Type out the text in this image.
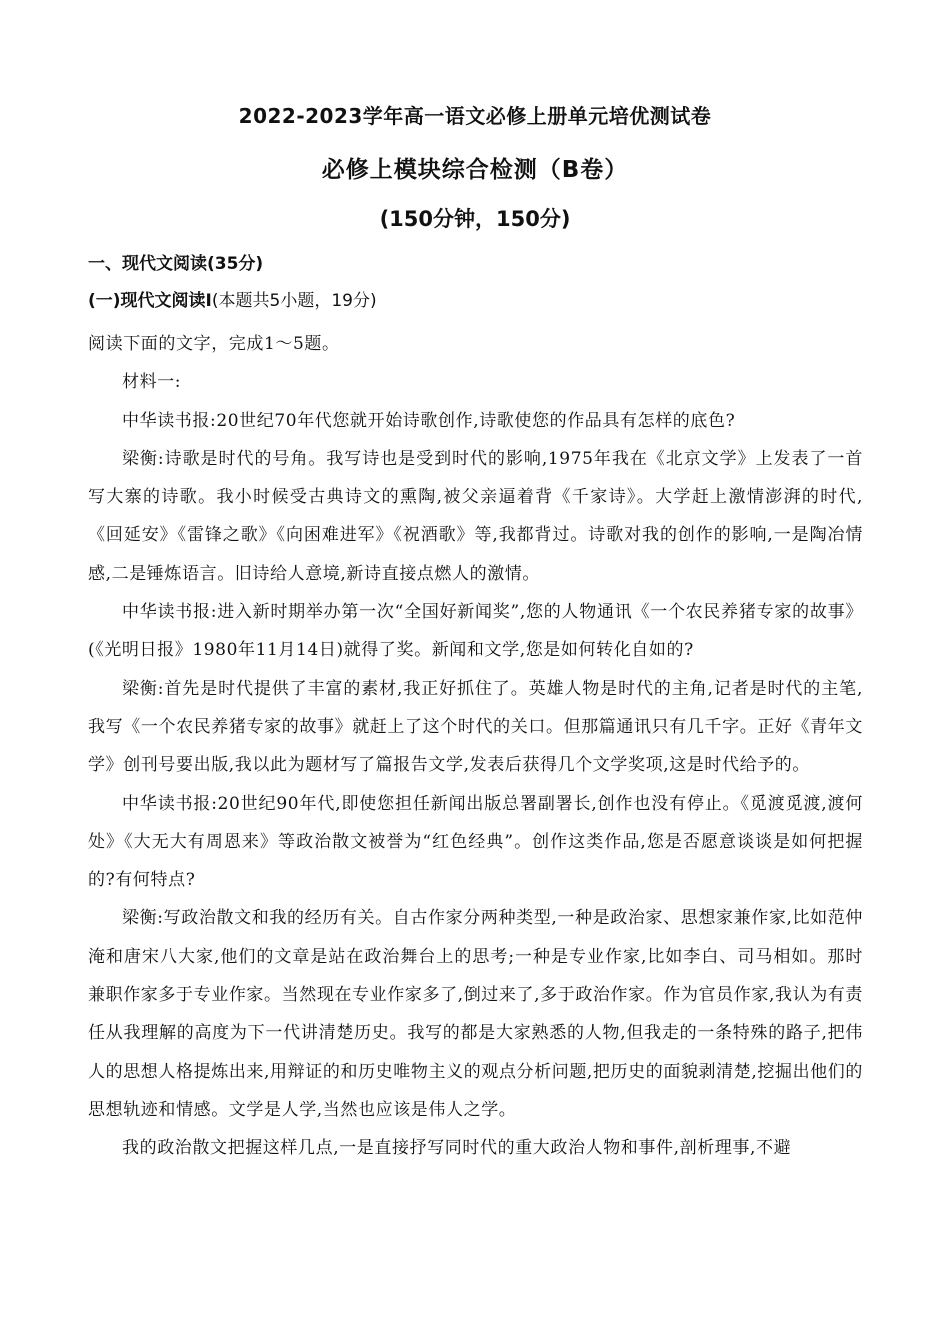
2022-2023学年高一语文必修上册单元培优测试卷
必修上模块综合检测（B卷）
(150分钟，150分)
一、现代文阅读(35分)
(一)现代文阅读Ⅰ(本题共5小题，19分)

阅读下面的文字，完成1～5题。

材料一:

中华读书报:20世纪70年代您就开始诗歌创作,诗歌使您的作品具有怎样的底色?

梁衡:诗歌是时代的号角。我写诗也是受到时代的影响,1975年我在《北京文学》上发表了一首写大寨的诗歌。我小时候受古典诗文的熏陶,被父亲逼着背《千家诗》。大学赶上激情澎湃的时代,《回延安》《雷锋之歌》《向困难进军》《祝酒歌》等,我都背过。诗歌对我的创作的影响,一是陶冶情感,二是锤炼语言。旧诗给人意境,新诗直接点燃人的激情。

中华读书报:进入新时期举办第一次“全国好新闻奖”,您的人物通讯《一个农民养猪专家的故事》(《光明日报》1980年11月14日)就得了奖。新闻和文学,您是如何转化自如的?

梁衡:首先是时代提供了丰富的素材,我正好抓住了。英雄人物是时代的主角,记者是时代的主笔,我写《一个农民养猪专家的故事》就赶上了这个时代的关口。但那篇通讯只有几千字。正好《青年文学》创刊号要出版,我以此为题材写了篇报告文学,发表后获得几个文学奖项,这是时代给予的。

中华读书报:20世纪90年代,即使您担任新闻出版总署副署长,创作也没有停止。《觅渡觅渡,渡何处》《大无大有周恩来》等政治散文被誉为“红色经典”。创作这类作品,您是否愿意谈谈是如何把握的?有何特点?

梁衡:写政治散文和我的经历有关。自古作家分两种类型,一种是政治家、思想家兼作家,比如范仲淹和唐宋八大家,他们的文章是站在政治舞台上的思考;一种是专业作家,比如李白、司马相如。那时兼职作家多于专业作家。当然现在专业作家多了,倒过来了,多于政治作家。作为官员作家,我认为有责任从我理解的高度为下一代讲清楚历史。我写的都是大家熟悉的人物,但我走的一条特殊的路子,把伟人的思想人格提炼出来,用辩证的和历史唯物主义的观点分析问题,把历史的面貌剥清楚,挖掘出他们的思想轨迹和情感。文学是人学,当然也应该是伟人之学。

我的政治散文把握这样几点,一是直接抒写同时代的重大政治人物和事件,剖析理事,不避
